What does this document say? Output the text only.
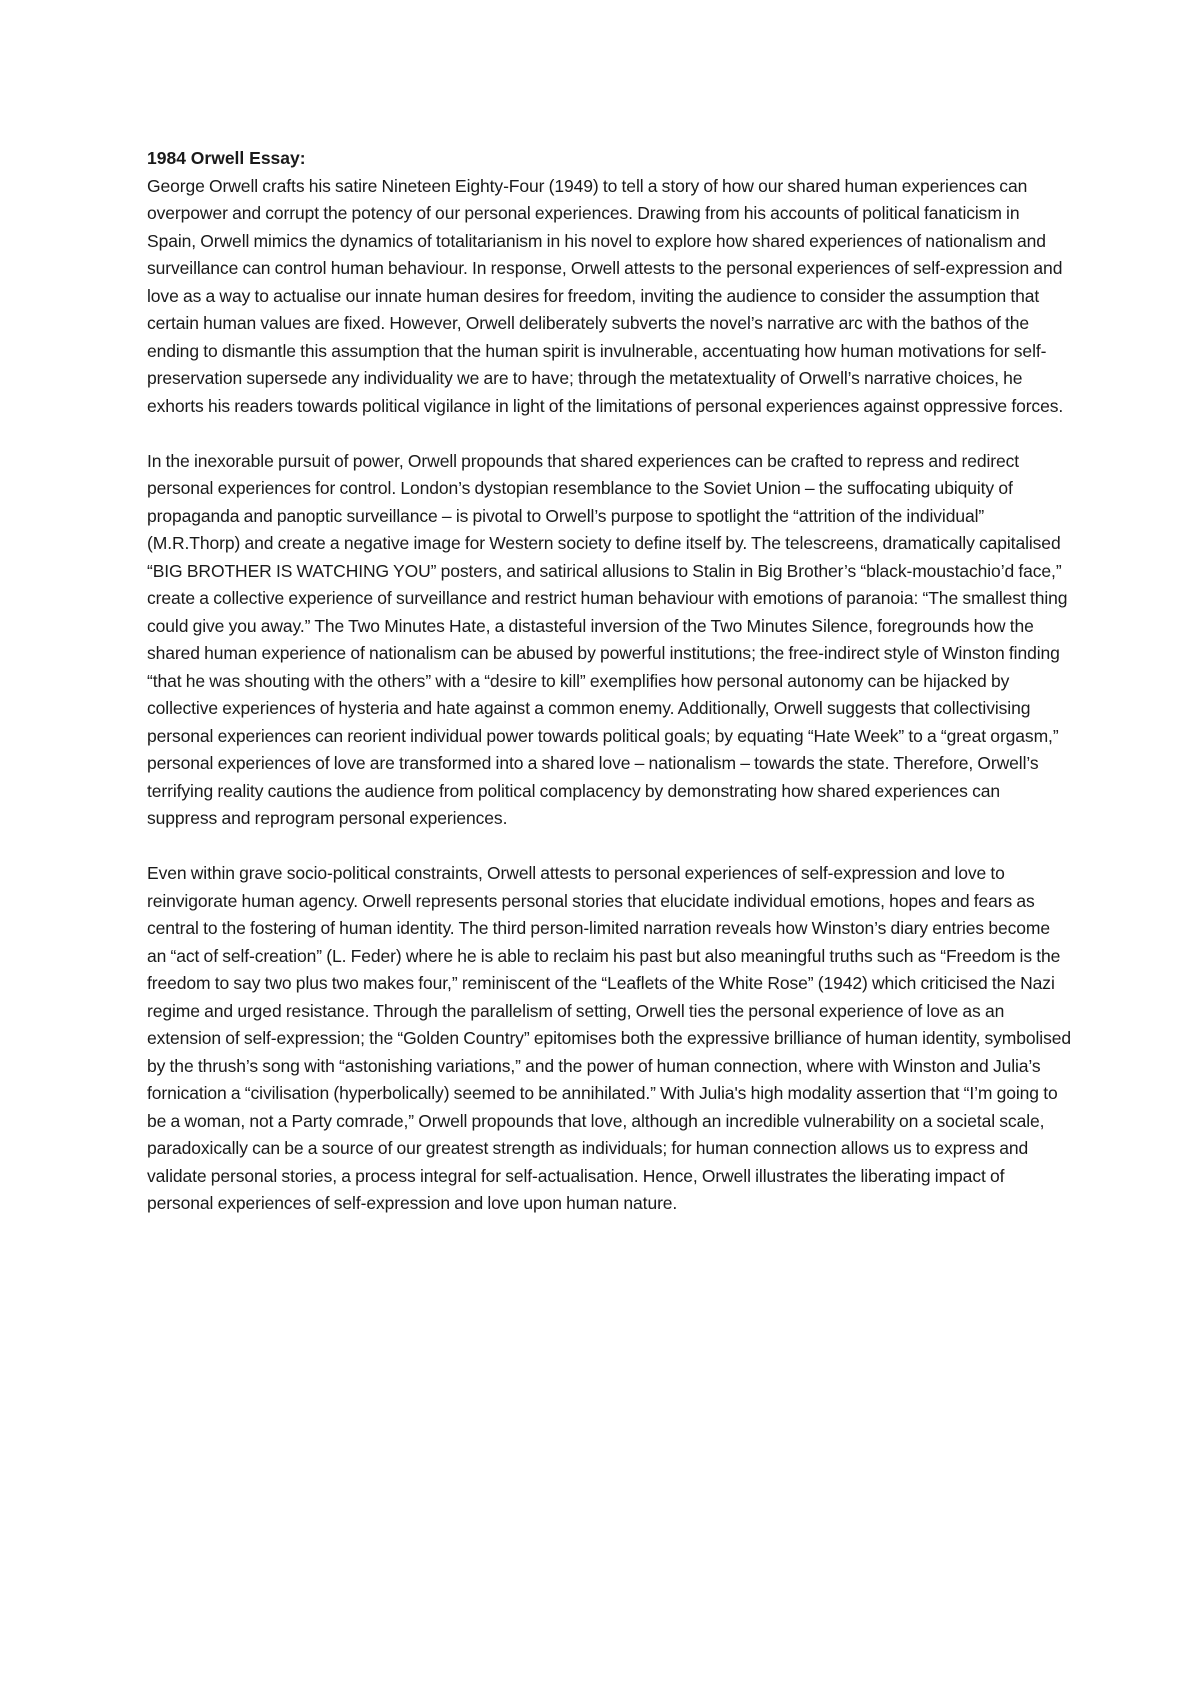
1984 Orwell Essay:

George Orwell crafts his satire Nineteen Eighty-Four (1949) to tell a story of how our shared human experiences can overpower and corrupt the potency of our personal experiences. Drawing from his accounts of political fanaticism in Spain, Orwell mimics the dynamics of totalitarianism in his novel to explore how shared experiences of nationalism and surveillance can control human behaviour. In response, Orwell attests to the personal experiences of self-expression and love as a way to actualise our innate human desires for freedom, inviting the audience to consider the assumption that certain human values are fixed. However, Orwell deliberately subverts the novel’s narrative arc with the bathos of the ending to dismantle this assumption that the human spirit is invulnerable, accentuating how human motivations for self-preservation supersede any individuality we are to have; through the metatextuality of Orwell’s narrative choices, he exhorts his readers towards political vigilance in light of the limitations of personal experiences against oppressive forces.

In the inexorable pursuit of power, Orwell propounds that shared experiences can be crafted to repress and redirect personal experiences for control. London’s dystopian resemblance to the Soviet Union – the suffocating ubiquity of propaganda and panoptic surveillance – is pivotal to Orwell’s purpose to spotlight the “attrition of the individual” (M.R.Thorp) and create a negative image for Western society to define itself by. The telescreens, dramatically capitalised “BIG BROTHER IS WATCHING YOU” posters, and satirical allusions to Stalin in Big Brother’s “black-moustachio’d face,” create a collective experience of surveillance and restrict human behaviour with emotions of paranoia: “The smallest thing could give you away.” The Two Minutes Hate, a distasteful inversion of the Two Minutes Silence, foregrounds how the shared human experience of nationalism can be abused by powerful institutions; the free-indirect style of Winston finding “that he was shouting with the others” with a “desire to kill” exemplifies how personal autonomy can be hijacked by collective experiences of hysteria and hate against a common enemy. Additionally, Orwell suggests that collectivising personal experiences can reorient individual power towards political goals; by equating “Hate Week” to a “great orgasm,” personal experiences of love are transformed into a shared love – nationalism – towards the state. Therefore, Orwell’s terrifying reality cautions the audience from political complacency by demonstrating how shared experiences can suppress and reprogram personal experiences.

Even within grave socio-political constraints, Orwell attests to personal experiences of self-expression and love to reinvigorate human agency. Orwell represents personal stories that elucidate individual emotions, hopes and fears as central to the fostering of human identity. The third person-limited narration reveals how Winston’s diary entries become an “act of self-creation” (L. Feder) where he is able to reclaim his past but also meaningful truths such as “Freedom is the freedom to say two plus two makes four,” reminiscent of the “Leaflets of the White Rose” (1942) which criticised the Nazi regime and urged resistance. Through the parallelism of setting, Orwell ties the personal experience of love as an extension of self-expression; the “Golden Country” epitomises both the expressive brilliance of human identity, symbolised by the thrush’s song with “astonishing variations,” and the power of human connection, where with Winston and Julia’s fornication a “civilisation (hyperbolically) seemed to be annihilated.” With Julia's high modality assertion that “I’m going to be a woman, not a Party comrade,” Orwell propounds that love, although an incredible vulnerability on a societal scale, paradoxically can be a source of our greatest strength as individuals; for human connection allows us to express and validate personal stories, a process integral for self-actualisation. Hence, Orwell illustrates the liberating impact of personal experiences of self-expression and love upon human nature.
